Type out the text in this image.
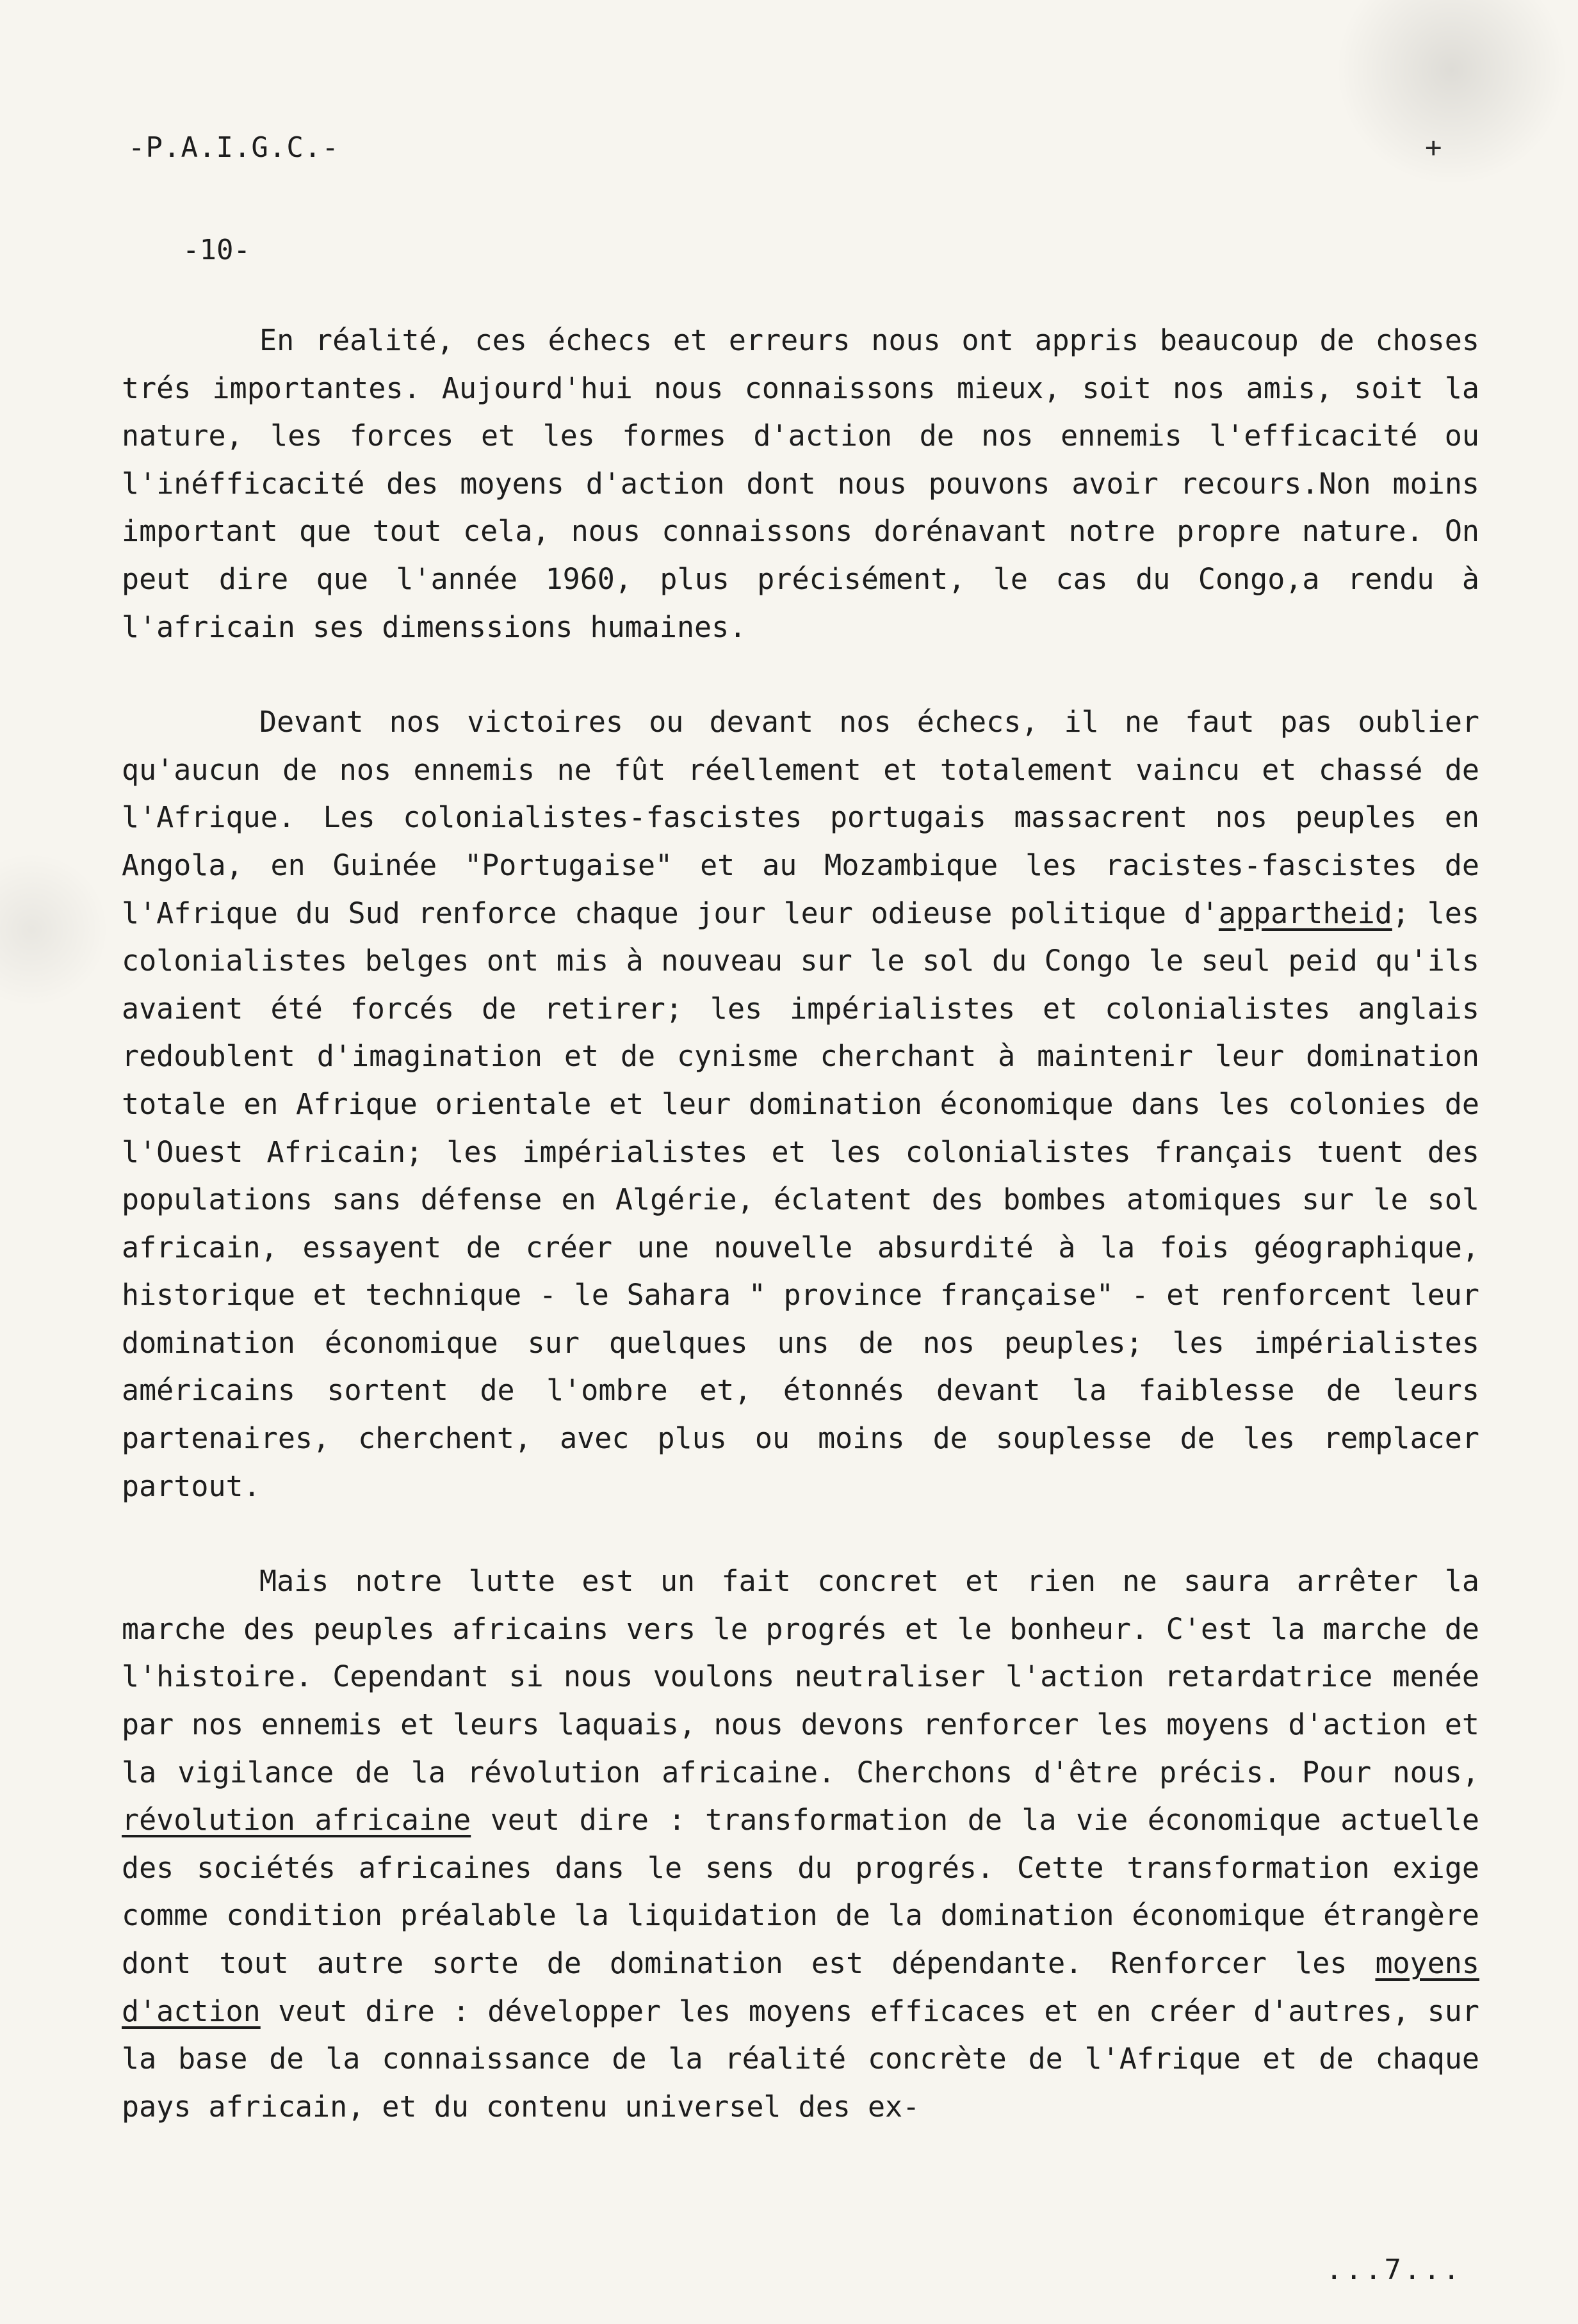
-P.A.I.G.C.-
-10-
+

En réalité, ces échecs et erreurs nous ont appris beaucoup de choses trés importantes. Aujourd'hui nous connaissons mieux, soit nos amis, soit la nature, les forces et les formes d'action de nos ennemis l'efficacité ou l'inéfficacité des moyens d'action dont nous pouvons avoir recours.Non moins important que tout cela, nous connaissons dorénavant notre propre nature. On peut dire que l'année 1960, plus précisément, le cas du Congo,a rendu à l'africain ses dimenssions humaines.

Devant nos victoires ou devant nos échecs, il ne faut pas oublier qu'aucun de nos ennemis ne fût réellement et totalement vaincu et chassé de l'Afrique. Les colonialistes-fascistes portugais massacrent nos peuples en Angola, en Guinée "Portugaise" et au Mozambique les racistes-fascistes de l'Afrique du Sud renforce chaque jour leur odieuse politique d'appartheid; les colonialistes belges ont mis à nouveau sur le sol du Congo le seul peid qu'ils avaient été forcés de retirer; les impérialistes et colonialistes anglais redoublent d'imagination et de cynisme cherchant à maintenir leur domination totale en Afrique orientale et leur domination économique dans les colonies de l'Ouest Africain; les impérialistes et les colonialistes français tuent des populations sans défense en Algérie, éclatent des bombes atomiques sur le sol africain, essayent de créer une nouvelle absurdité à la fois géographique, historique et technique - le Sahara " province française" - et renforcent leur domination économique sur quelques uns de nos peuples; les impérialistes américains sortent de l'ombre et, étonnés devant la faiblesse de leurs partenaires, cherchent, avec plus ou moins de souplesse de les remplacer partout.

Mais notre lutte est un fait concret et rien ne saura arrêter la marche des peuples africains vers le progrés et le bonheur. C'est la marche de l'histoire. Cependant si nous voulons neutraliser l'action retardatrice menée par nos ennemis et leurs laquais, nous devons renforcer les moyens d'action et la vigilance de la révolution africaine. Cherchons d'être précis. Pour nous, révolution africaine veut dire : transformation de la vie économique actuelle des sociétés africaines dans le sens du progrés. Cette transformation exige comme condition préalable la liquidation de la domination économique étrangère dont tout autre sorte de domination est dépendante. Renforcer les moyens d'action veut dire : développer les moyens efficaces et en créer d'autres, sur la base de la connaissance de la réalité concrète de l'Afrique et de chaque pays africain, et du contenu universel des ex-

...7...
